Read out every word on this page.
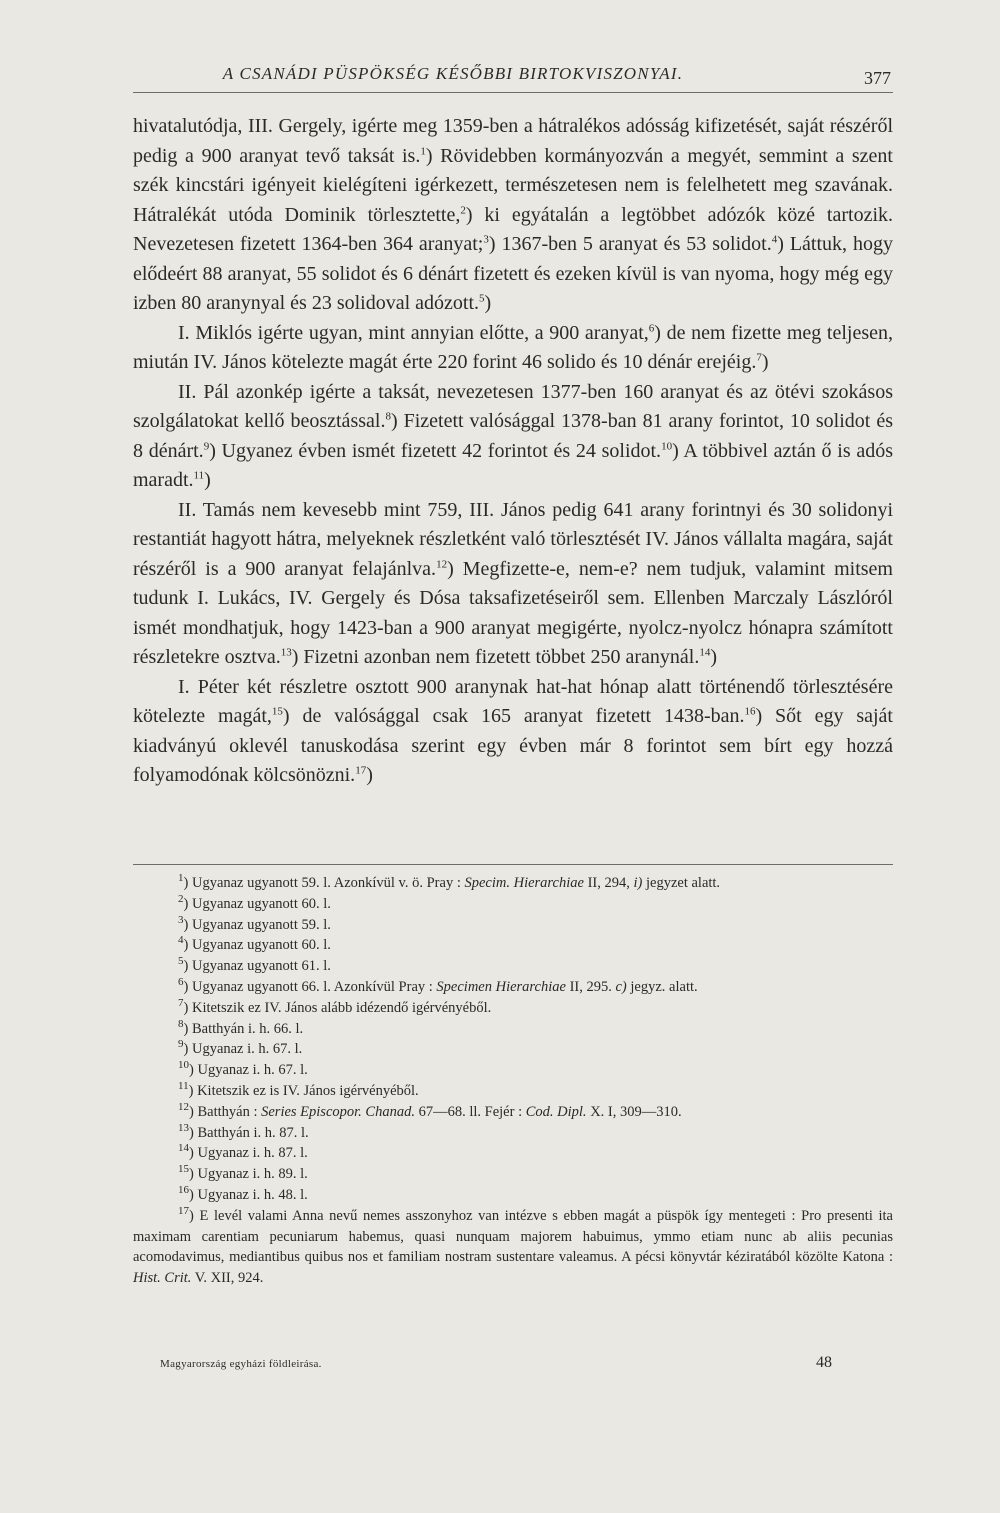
A CSANÁDI PÜSPÖKSÉG KÉSŐBBI BIRTOKVISZONYAI.	377

hivatalutódja, III. Gergely, igérte meg 1359-ben a hátralékos adósság kifizetését, saját részéről pedig a 900 aranyat tevő taksát is.$^1$) Rövidebben kormányozván a megyét, semmint a szent szék kincstári igényeit kielégíteni igérkezett, természetesen nem is felelhetett meg szavának. Hátralékát utóda Dominik törlesztette,$^2$) ki egyátalán a legtöbbet adózók közé tartozik. Nevezetesen fizetett 1364-ben 364 aranyat;$^3$) 1367-ben 5 aranyat és 53 solidot.$^4$) Láttuk, hogy elődeért 88 aranyat, 55 solidot és 6 dénárt fizetett és ezeken kívül is van nyoma, hogy még egy izben 80 aranynyal és 23 solidoval adózott.$^5$)

I. Miklós igérte ugyan, mint annyian előtte, a 900 aranyat,$^6$) de nem fizette meg teljesen, miután IV. János kötelezte magát érte 220 forint 46 solido és 10 dénár erejéig.$^7$)

II. Pál azonkép igérte a taksát, nevezetesen 1377-ben 160 aranyat és az ötévi szokásos szolgálatokat kellő beosztással.$^8$) Fizetett valósággal 1378-ban 81 arany forintot, 10 solidot és 8 dénárt.$^9$) Ugyanez évben ismét fizetett 42 forintot és 24 solidot.$^{10}$) A többivel aztán ő is adós maradt.$^{11}$)

II. Tamás nem kevesebb mint 759, III. János pedig 641 arany forintnyi és 30 solidonyi restantiát hagyott hátra, melyeknek részletként való törlesztését IV. János vállalta magára, saját részéről is a 900 aranyat felajánlva.$^{12}$) Megfizette-e, nem-e? nem tudjuk, valamint mitsem tudunk I. Lukács, IV. Gergely és Dósa taksafizetéseiről sem. Ellenben Marczaly Lászlóról ismét mondhatjuk, hogy 1423-ban a 900 aranyat megigérte, nyolcz-nyolcz hónapra számított részletekre osztva.$^{13}$) Fizetni azonban nem fizetett többet 250 aranynál.$^{14}$)

I. Péter két részletre osztott 900 aranynak hat-hat hónap alatt történendő törlesztésére kötelezte magát,$^{15}$) de valósággal csak 165 aranyat fizetett 1438-ban.$^{16}$) Sőt egy saját kiadványú oklevél tanuskodása szerint egy évben már 8 forintot sem bírt egy hozzá folyamodónak kölcsönözni.$^{17}$)

$^1$) Ugyanaz ugyanott 59. l. Azonkívül v. ö. Pray : Specim. Hierarchiae II, 294, i) jegyzet alatt.

$^2$) Ugyanaz ugyanott 60. l.

$^3$) Ugyanaz ugyanott 59. l.

$^4$) Ugyanaz ugyanott 60. l.

$^5$) Ugyanaz ugyanott 61. l.

$^6$) Ugyanaz ugyanott 66. l. Azonkívül Pray : Specimen Hierarchiae II, 295. c) jegyz. alatt.

$^7$) Kitetszik ez IV. János alább idézendő igérvényéből.

$^8$) Batthyán i. h. 66. l.

$^9$) Ugyanaz i. h. 67. l.

$^{10}$) Ugyanaz i. h. 67. l.

$^{11}$) Kitetszik ez is IV. János igérvényéből.

$^{12}$) Batthyán : Series Episcopor. Chanad. 67—68. ll. Fejér : Cod. Dipl. X. I, 309—310.

$^{13}$) Batthyán i. h. 87. l.

$^{14}$) Ugyanaz i. h. 87. l.

$^{15}$) Ugyanaz i. h. 89. l.

$^{16}$) Ugyanaz i. h. 48. l.

$^{17}$) E levél valami Anna nevű nemes asszonyhoz van intézve s ebben magát a püspök így mentegeti : Pro presenti ita maximam carentiam pecuniarum habemus, quasi nunquam majorem habuimus, ymmo etiam nunc ab aliis pecunias acomodavimus, mediantibus quibus nos et familiam nostram sustentare valeamus. A pécsi könyvtár kéziratából közölte Katona : Hist. Crit. V. XII, 924.

Magyarország egyházi földleirása.	48
